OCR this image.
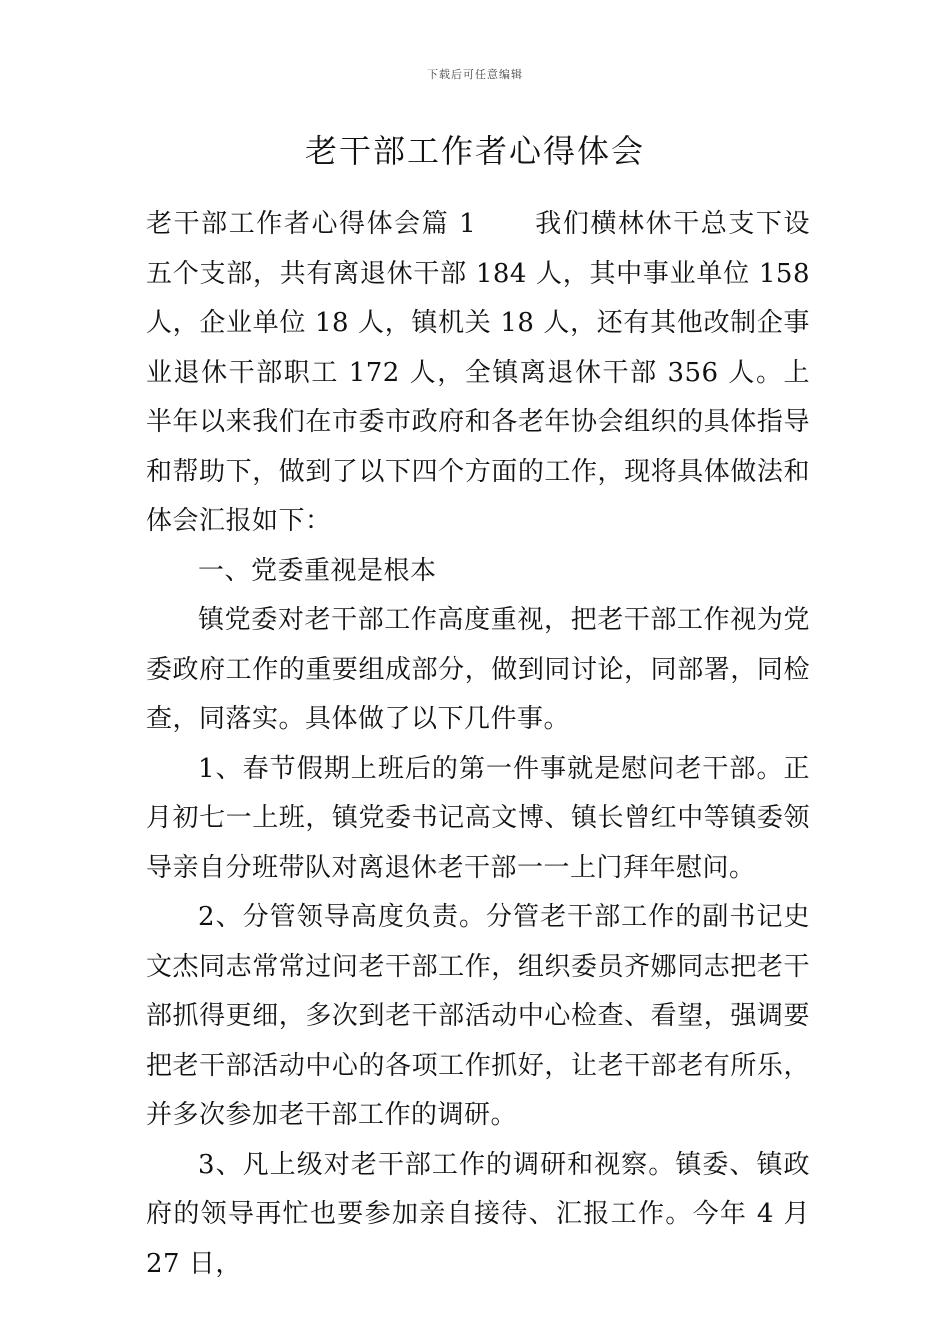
下载后可任意编辑
老干部工作者心得体会

老干部工作者心得体会篇 1 我们横林休干总支下设五个支部，共有离退休干部 184 人，其中事业单位 158 人，企业单位 18 人，镇机关 18 人，还有其他改制企事业退休干部职工 172 人，全镇离退休干部 356 人。上半年以来我们在市委市政府和各老年协会组织的具体指导和帮助下，做到了以下四个方面的工作，现将具体做法和体会汇报如下：

一、党委重视是根本

镇党委对老干部工作高度重视，把老干部工作视为党委政府工作的重要组成部分，做到同讨论，同部署，同检查，同落实。具体做了以下几件事。

1、春节假期上班后的第一件事就是慰问老干部。正月初七一上班，镇党委书记高文博、镇长曾红中等镇委领导亲自分班带队对离退休老干部一一上门拜年慰问。

2、分管领导高度负责。分管老干部工作的副书记史文杰同志常常过问老干部工作，组织委员齐娜同志把老干部抓得更细，多次到老干部活动中心检查、看望，强调要把老干部活动中心的各项工作抓好，让老干部老有所乐，并多次参加老干部工作的调研。

3、凡上级对老干部工作的调研和视察。镇委、镇政府的领导再忙也要参加亲自接待、汇报工作。今年 4 月 27 日，
